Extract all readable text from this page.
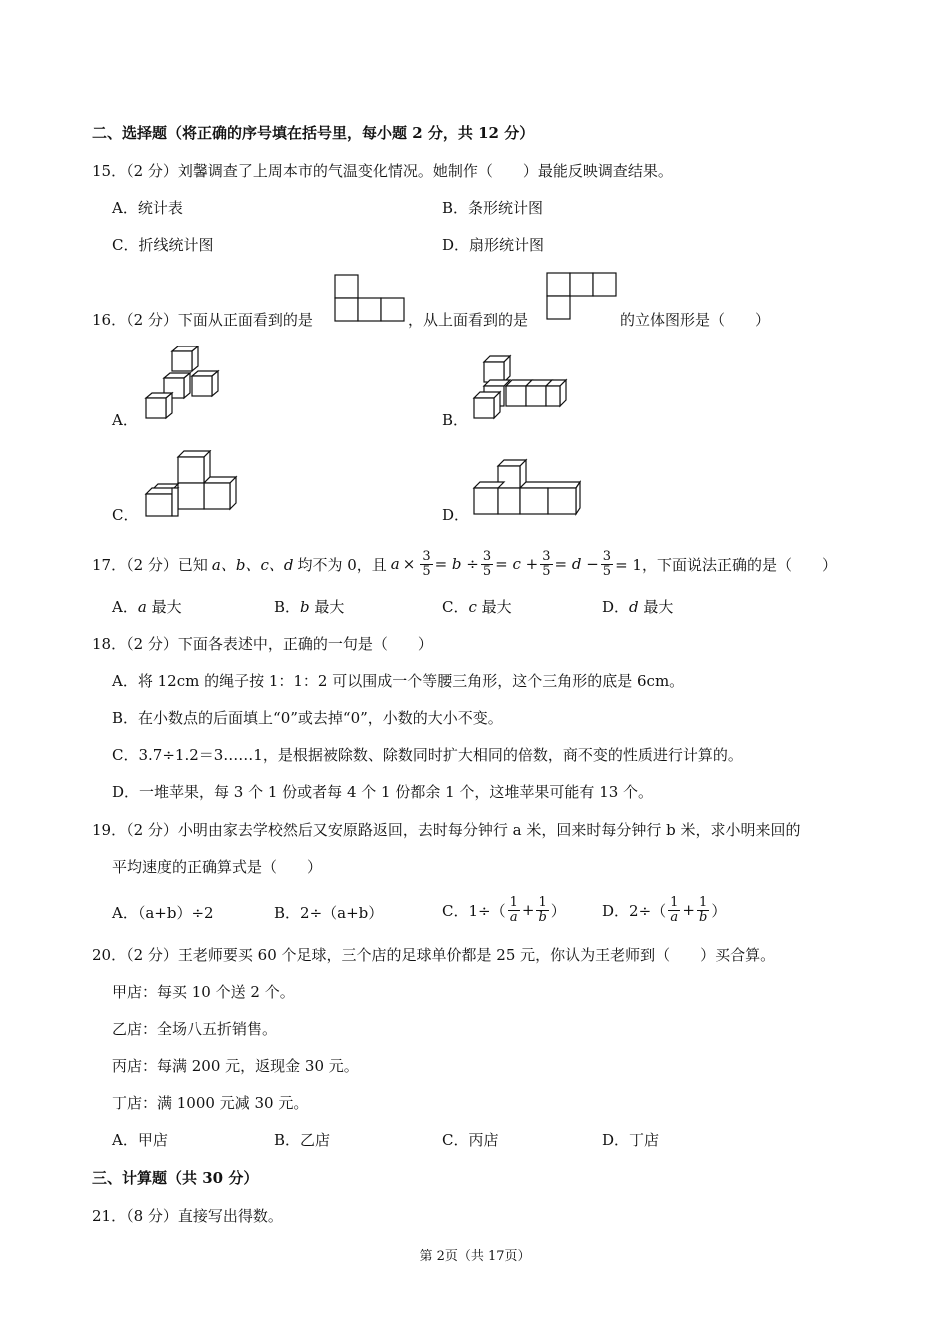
二、选择题（将正确的序号填在括号里，每小题 2 分，共 12 分）
15．（2 分）刘馨调查了上周本市的气温变化情况。她制作（　　）最能反映调查结果。
A．统计表	B．条形统计图
C．折线统计图	D．扇形统计图
16．（2 分）下面从正面看到的是	，从上面看到的是	的立体图形是（　　）
A．	B．
C．	D．
17．（2 分）已知 a、b、c、d 均不为 0，且 $a \times \frac{3}{5} = b \div \frac{3}{5} = c + \frac{3}{5} = d - \frac{3}{5} = 1$，下面说法正确的是（　　）
A．a 最大	B．b 最大	C．c 最大	D．d 最大
18．（2 分）下面各表述中，正确的一句是（　　）
A．将 12cm 的绳子按 1：1：2 可以围成一个等腰三角形，这个三角形的底是 6cm。
B．在小数点的后面填上“0”或去掉“0”，小数的大小不变。
C．3.7÷1.2＝3……1，是根据被除数、除数同时扩大相同的倍数，商不变的性质进行计算的。
D．一堆苹果，每 3 个 1 份或者每 4 个 1 份都余 1 个，这堆苹果可能有 13 个。
19．（2 分）小明由家去学校然后又安原路返回，去时每分钟行 a 米，回来时每分钟行 b 米，求小明来回的
平均速度的正确算式是（　　）
A．（a+b）÷2	B．2÷（a+b）	C．$1\div( \frac{1}{a} + \frac{1}{b}$ ） D．$2\div( \frac{1}{a} + \frac{1}{b}$ ）
20．（2 分）王老师要买 60 个足球，三个店的足球单价都是 25 元，你认为王老师到（　　）买合算。
甲店：每买 10 个送 2 个。
乙店：全场八五折销售。
丙店：每满 200 元，返现金 30 元。
丁店：满 1000 元减 30 元。
A．甲店	B．乙店	C．丙店	D．丁店
三、计算题（共 30 分）
21．（8 分）直接写出得数。
第 2页（共 17页）
